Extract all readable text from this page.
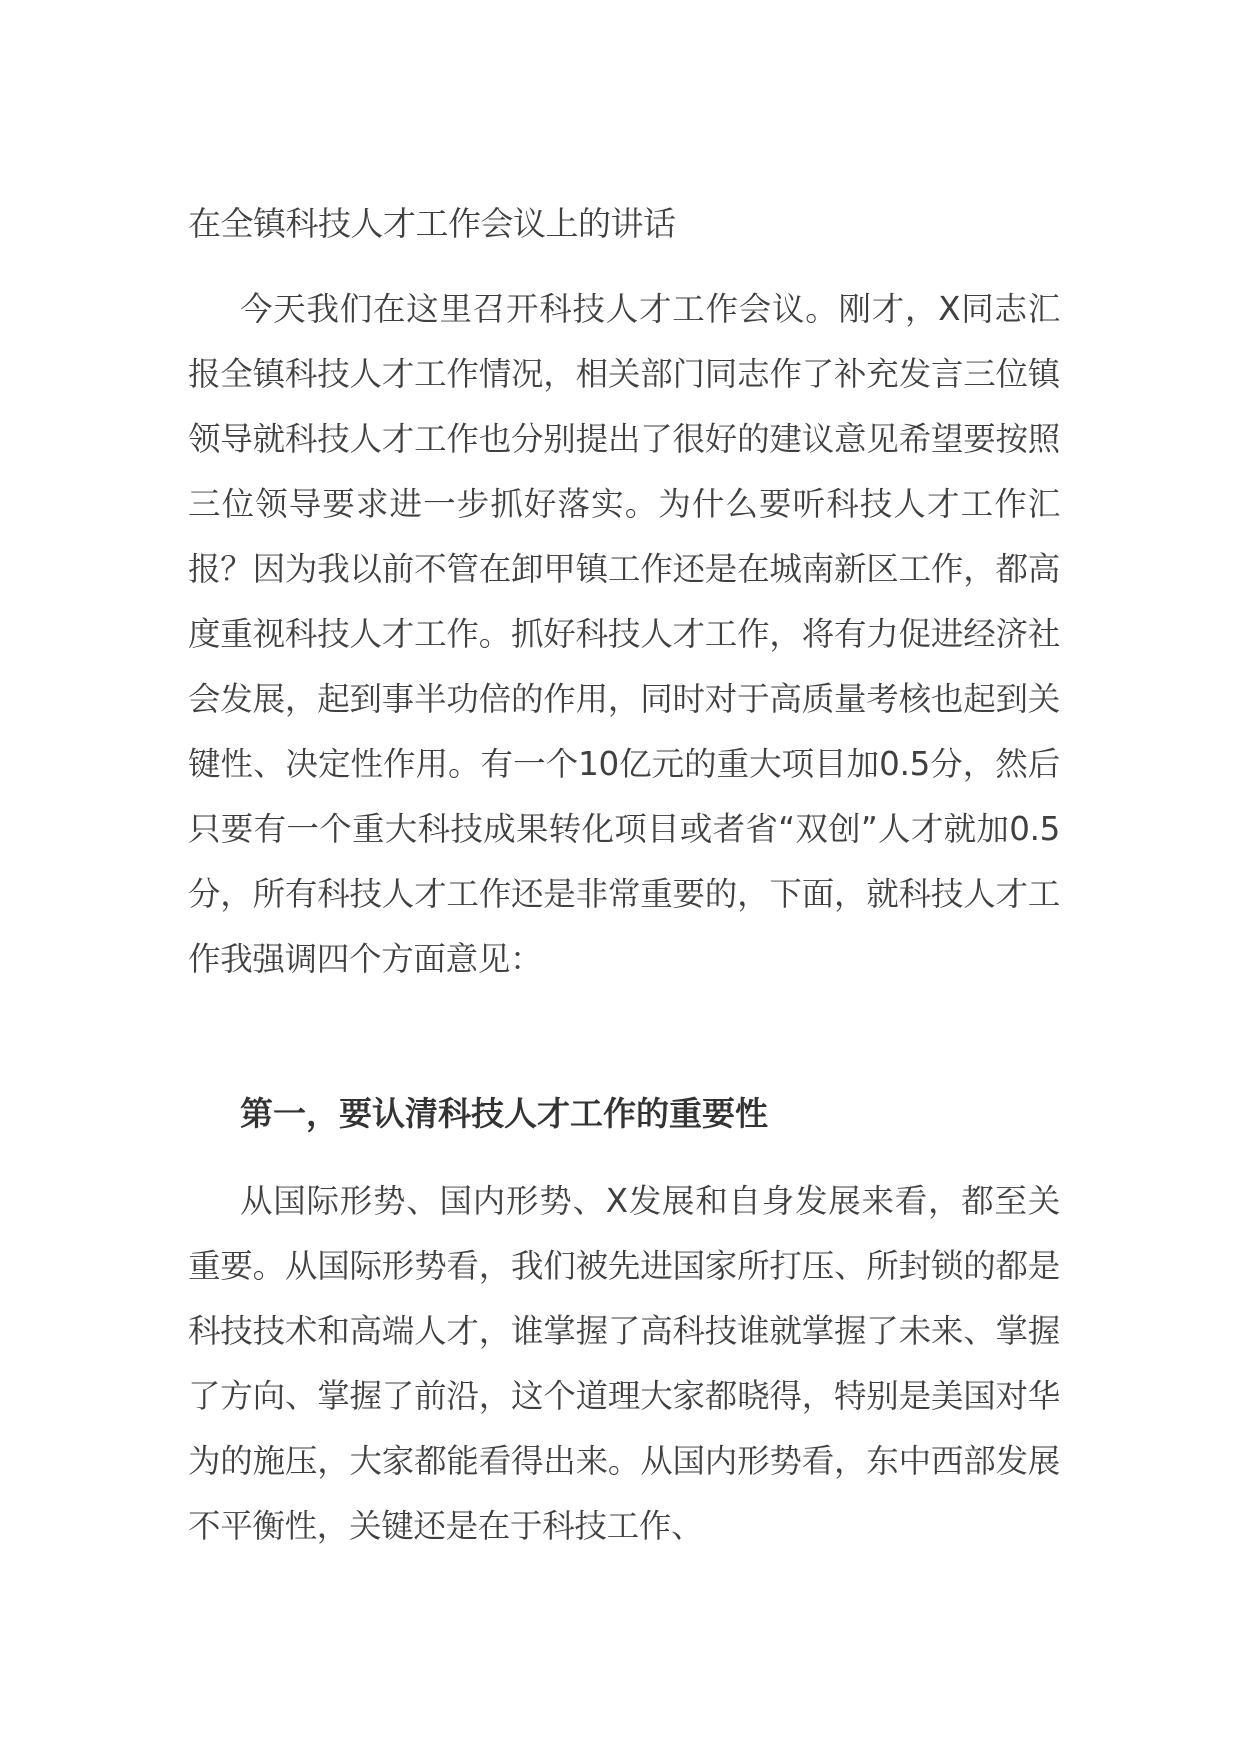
在全镇科技人才工作会议上的讲话

今天我们在这里召开科技人才工作会议。刚才，X同志汇报全镇科技人才工作情况，相关部门同志作了补充发言三位镇领导就科技人才工作也分别提出了很好的建议意见希望要按照三位领导要求进一步抓好落实。为什么要听科技人才工作汇报？因为我以前不管在卸甲镇工作还是在城南新区工作，都高度重视科技人才工作。抓好科技人才工作，将有力促进经济社会发展，起到事半功倍的作用，同时对于高质量考核也起到关键性、决定性作用。有一个10亿元的重大项目加0.5分，然后只要有一个重大科技成果转化项目或者省“双创”人才就加0.5分，所有科技人才工作还是非常重要的，下面，就科技人才工作我强调四个方面意见：

第一，要认清科技人才工作的重要性

从国际形势、国内形势、X发展和自身发展来看，都至关重要。从国际形势看，我们被先进国家所打压、所封锁的都是科技技术和高端人才，谁掌握了高科技谁就掌握了未来、掌握了方向、掌握了前沿，这个道理大家都晓得，特别是美国对华为的施压，大家都能看得出来。从国内形势看，东中西部发展不平衡性，关键还是在于科技工作、
